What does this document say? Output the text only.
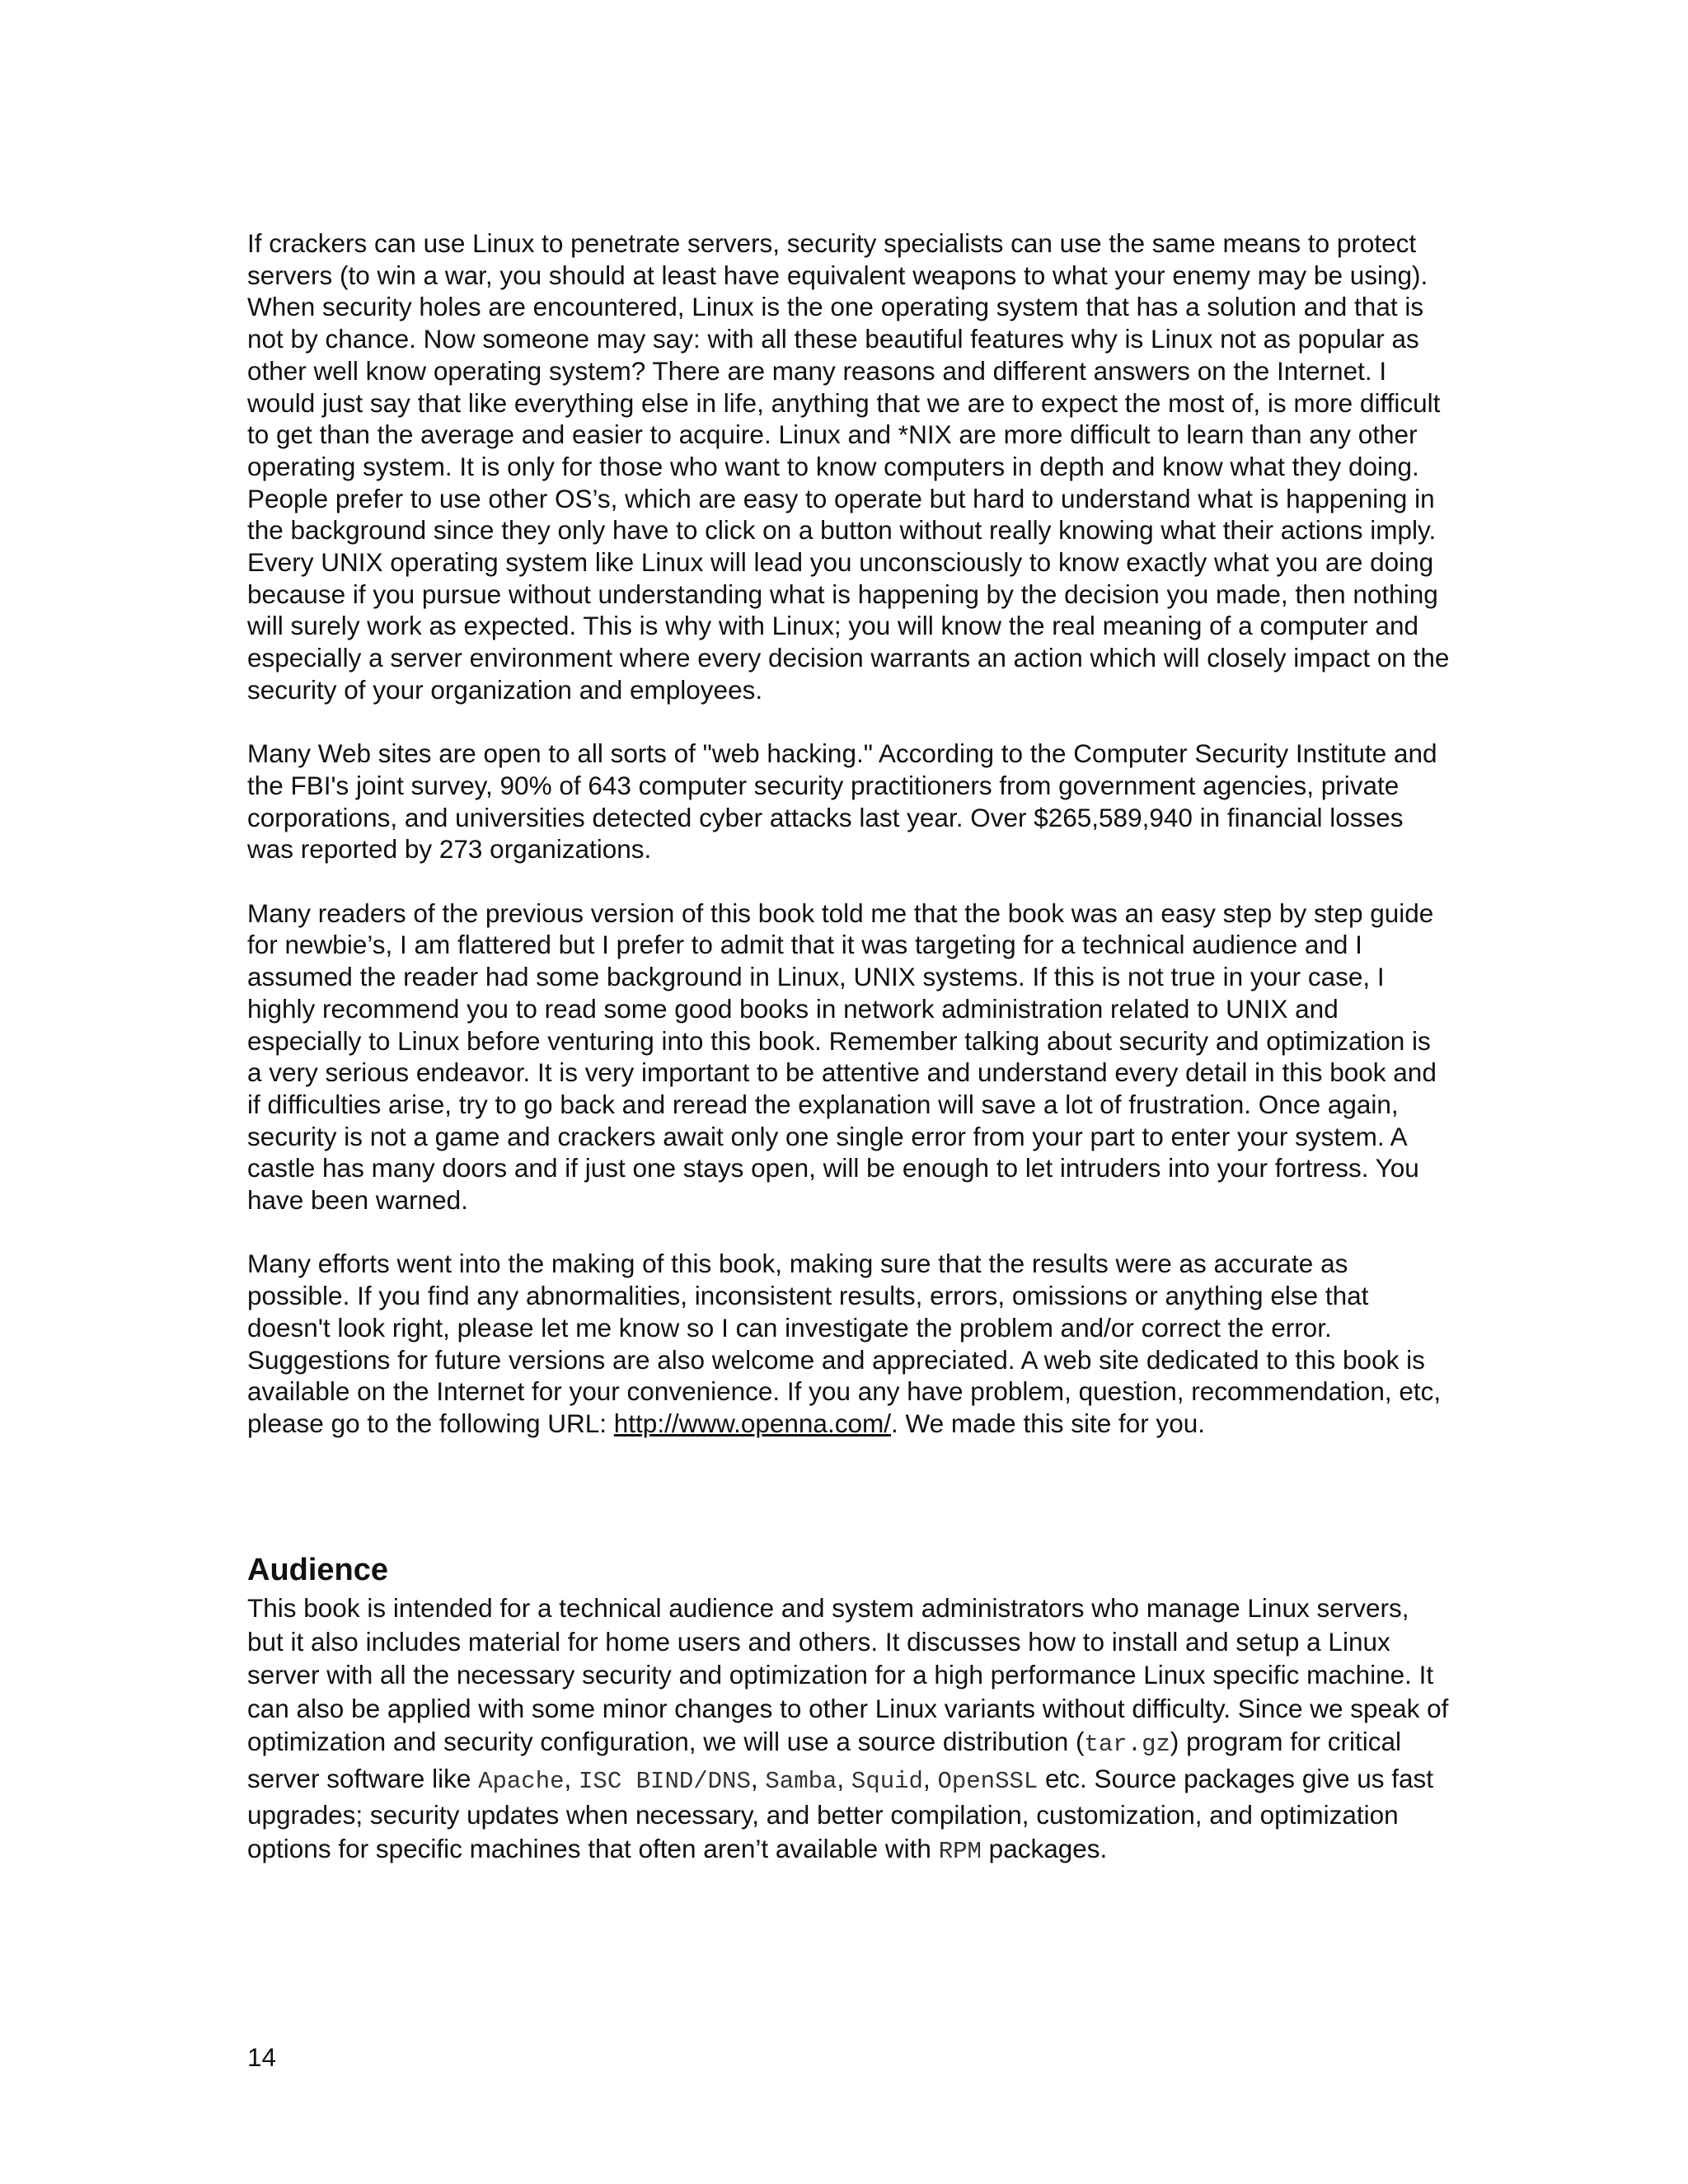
If crackers can use Linux to penetrate servers, security specialists can use the same means to protect servers (to win a war, you should at least have equivalent weapons to what your enemy may be using). When security holes are encountered, Linux is the one operating system that has a solution and that is not by chance. Now someone may say: with all these beautiful features why is Linux not as popular as other well know operating system? There are many reasons and different answers on the Internet. I would just say that like everything else in life, anything that we are to expect the most of, is more difficult to get than the average and easier to acquire. Linux and *NIX are more difficult to learn than any other operating system. It is only for those who want to know computers in depth and know what they doing. People prefer to use other OS’s, which are easy to operate but hard to understand what is happening in the background since they only have to click on a button without really knowing what their actions imply. Every UNIX operating system like Linux will lead you unconsciously to know exactly what you are doing because if you pursue without understanding what is happening by the decision you made, then nothing will surely work as expected. This is why with Linux; you will know the real meaning of a computer and especially a server environment where every decision warrants an action which will closely impact on the security of your organization and employees.

Many Web sites are open to all sorts of "web hacking." According to the Computer Security Institute and the FBI's joint survey, 90% of 643 computer security practitioners from government agencies, private corporations, and universities detected cyber attacks last year. Over $265,589,940 in financial losses was reported by 273 organizations.

Many readers of the previous version of this book told me that the book was an easy step by step guide for newbie’s, I am flattered but I prefer to admit that it was targeting for a technical audience and I assumed the reader had some background in Linux, UNIX systems. If this is not true in your case, I highly recommend you to read some good books in network administration related to UNIX and especially to Linux before venturing into this book. Remember talking about security and optimization is a very serious endeavor. It is very important to be attentive and understand every detail in this book and if difficulties arise, try to go back and reread the explanation will save a lot of frustration. Once again, security is not a game and crackers await only one single error from your part to enter your system. A castle has many doors and if just one stays open, will be enough to let intruders into your fortress. You have been warned.

Many efforts went into the making of this book, making sure that the results were as accurate as possible. If you find any abnormalities, inconsistent results, errors, omissions or anything else that doesn't look right, please let me know so I can investigate the problem and/or correct the error. Suggestions for future versions are also welcome and appreciated. A web site dedicated to this book is available on the Internet for your convenience. If you any have problem, question, recommendation, etc, please go to the following URL: http://www.openna.com/. We made this site for you.

Audience

This book is intended for a technical audience and system administrators who manage Linux servers, but it also includes material for home users and others. It discusses how to install and setup a Linux server with all the necessary security and optimization for a high performance Linux specific machine. It can also be applied with some minor changes to other Linux variants without difficulty. Since we speak of optimization and security configuration, we will use a source distribution (tar.gz) program for critical server software like Apache, ISC BIND/DNS, Samba, Squid, OpenSSL etc. Source packages give us fast upgrades; security updates when necessary, and better compilation, customization, and optimization options for specific machines that often aren’t available with RPM packages.

14
